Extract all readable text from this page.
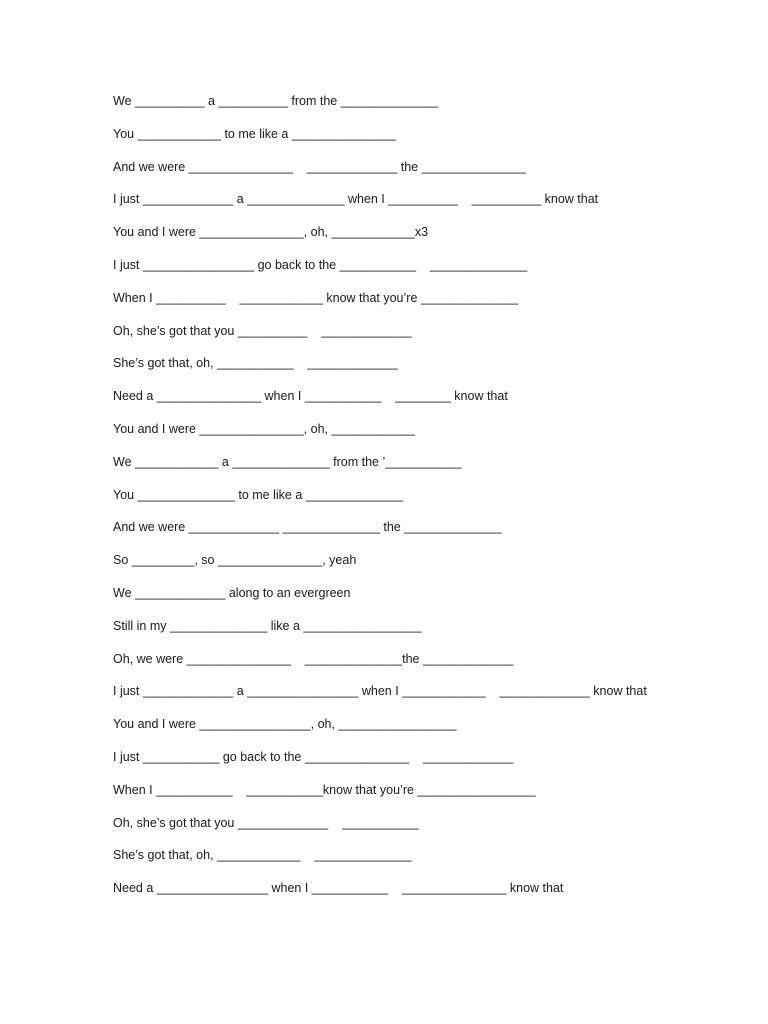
We __________ a __________ from the ______________
You ____________ to me like a _______________
And we were _______________    _____________ the _______________
I just _____________ a ______________ when I __________    __________ know that
You and I were _______________, oh, ____________x3
I just ________________ go back to the ___________    ______________
When I __________    ____________ know that you’re ______________
Oh, she’s got that you __________    _____________
She’s got that, oh, ___________    _____________
Need a _______________ when I ___________    ________ know that
You and I were _______________, oh, ____________
We ____________ a ______________ from the ’___________
You ______________ to me like a ______________
And we were _____________ ______________ the ______________
So _________, so _______________, yeah
We _____________ along to an evergreen
Still in my ______________ like a _________________
Oh, we were _______________    ______________the _____________
I just _____________ a ________________ when I ____________    _____________ know that
You and I were ________________, oh, _________________
I just ___________ go back to the _______________    _____________
When I ___________    ___________know that you’re _________________
Oh, she’s got that you _____________    ___________
She’s got that, oh, ____________    ______________
Need a ________________ when I ___________    _______________ know that
